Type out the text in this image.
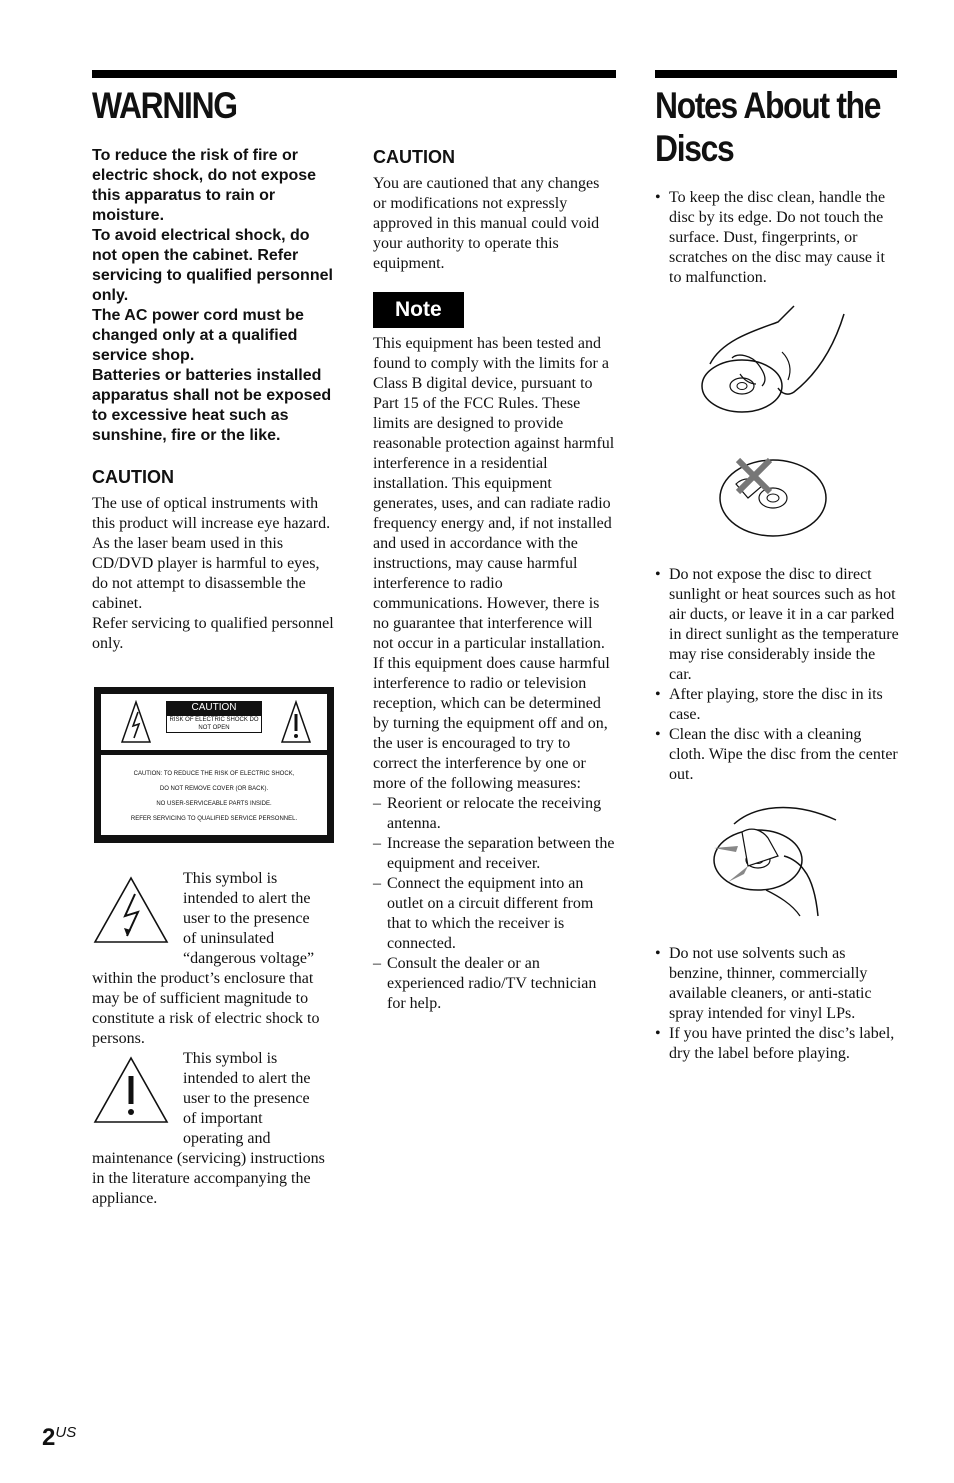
WARNING

To reduce the risk of fire or electric shock, do not expose this apparatus to rain or moisture.

To avoid electrical shock, do not open the cabinet. Refer servicing to qualified personnel only.

The AC power cord must be changed only at a qualified service shop.

Batteries or batteries installed apparatus shall not be exposed to excessive heat such as sunshine, fire or the like.

CAUTION

The use of optical instruments with this product will increase eye hazard. As the laser beam used in this CD/DVD player is harmful to eyes, do not attempt to disassemble the cabinet.

Refer servicing to qualified personnel only.

CAUTION
RISK OF ELECTRIC SHOCK DO NOT OPEN
CAUTION: TO REDUCE THE RISK OF ELECTRIC SHOCK,
DO NOT REMOVE COVER (OR BACK).
NO USER-SERVICEABLE PARTS INSIDE.
REFER SERVICING TO QUALIFIED SERVICE PERSONNEL.
This symbol is
intended to alert the
user to the presence
of uninsulated
“dangerous voltage”
within the product’s enclosure that may be of sufficient magnitude to constitute a risk of electric shock to persons.
This symbol is
intended to alert the
user to the presence
of important
operating and
maintenance (servicing) instructions in the literature accompanying the appliance.
CAUTION

You are cautioned that any changes or modifications not expressly approved in this manual could void your authority to operate this equipment.

Note

This equipment has been tested and found to comply with the limits for a Class B digital device, pursuant to Part 15 of the FCC Rules. These limits are designed to provide reasonable protection against harmful interference in a residential installation. This equipment generates, uses, and can radiate radio frequency energy and, if not installed and used in accordance with the instructions, may cause harmful interference to radio communications. However, there is no guarantee that interference will not occur in a particular installation. If this equipment does cause harmful interference to radio or television reception, which can be determined by turning the equipment off and on, the user is encouraged to try to correct the interference by one or more of the following measures:

– Reorient or relocate the receiving antenna.
– Increase the separation between the equipment and receiver.
– Connect the equipment into an outlet on a circuit different from that to which the receiver is connected.
– Consult the dealer or an experienced radio/TV technician for help.
Notes About the
Discs
• To keep the disc clean, handle the disc by its edge. Do not touch the surface. Dust, fingerprints, or scratches on the disc may cause it to malfunction.
• Do not expose the disc to direct sunlight or heat sources such as hot air ducts, or leave it in a car parked in direct sunlight as the temperature may rise considerably inside the car.
• After playing, store the disc in its case.
• Clean the disc with a cleaning cloth. Wipe the disc from the center out.
• Do not use solvents such as benzine, thinner, commercially available cleaners, or anti-static spray intended for vinyl LPs.
• If you have printed the disc’s label, dry the label before playing.
2US
